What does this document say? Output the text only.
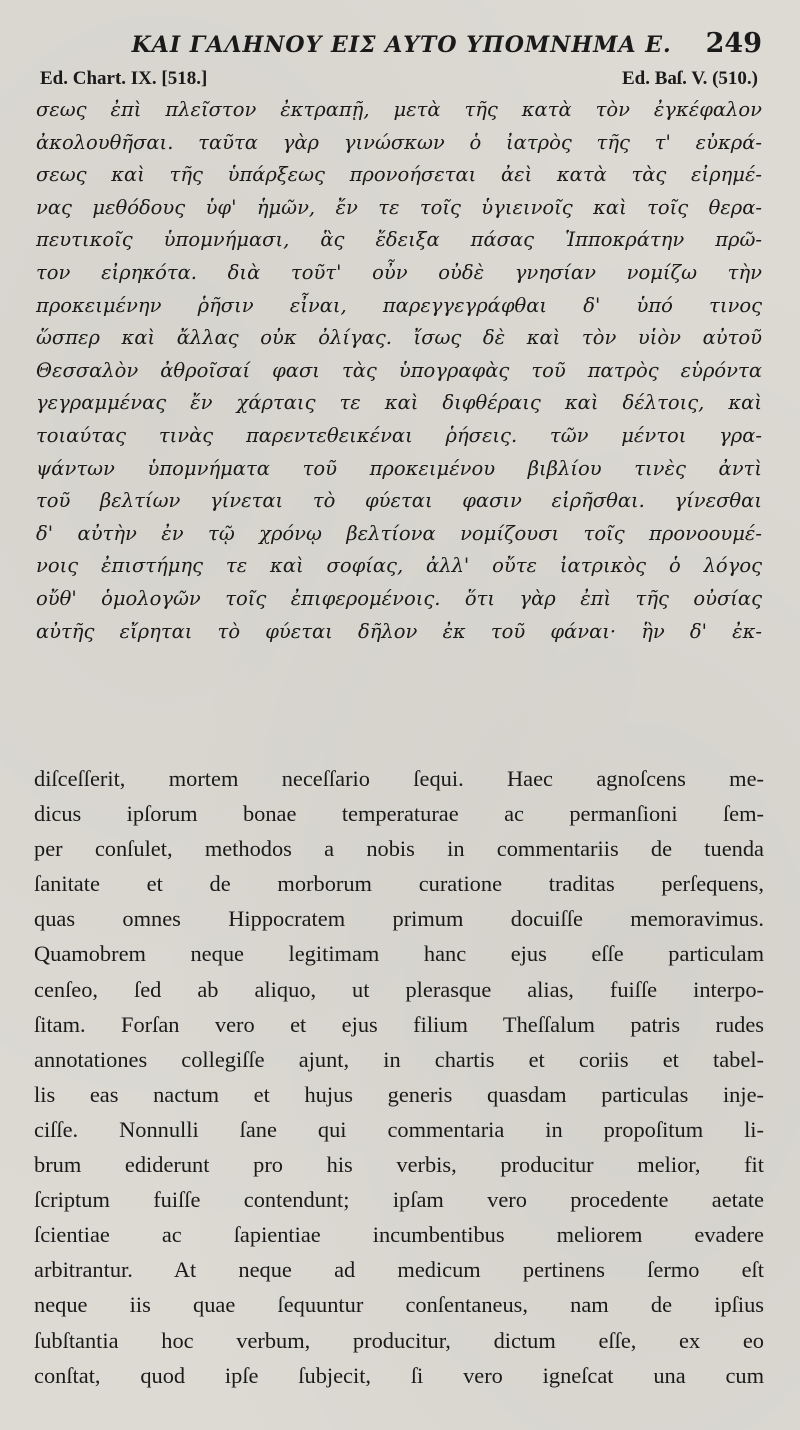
ΚΑΙ ΓΑΛΗΝΟΥ ΕΙΣ ΑΥΤΟ ΥΠΟΜΝΗΜΑ Ε. 249
Ed. Chart. IX. [518.]	Ed. Baſ. V. (510.)
σεως ἐπὶ πλεῖστον ἐκτραπῇ, μετὰ τῆς κατὰ τὸν ἐγκέφαλον
ἀκολουθῆσαι. ταῦτα γὰρ γινώσκων ὁ ἰατρὸς τῆς τ' εὐκρά-
σεως καὶ τῆς ὑπάρξεως προνοήσεται ἀεὶ κατὰ τὰς εἰρημέ-
νας μεθόδους ὑφ' ἡμῶν, ἔν τε τοῖς ὑγιεινοῖς καὶ τοῖς θερα-
πευτικοῖς ὑπομνήμασι, ἃς ἔδειξα πάσας Ἱπποκράτην πρῶ-
τον εἰρηκότα. διὰ τοῦτ' οὖν οὐδὲ γνησίαν νομίζω τὴν
προκειμένην ῥῆσιν εἶναι, παρεγγεγράφθαι δ' ὑπό τινος
ὥσπερ καὶ ἄλλας οὐκ ὀλίγας. ἴσως δὲ καὶ τὸν υἱὸν αὐτοῦ
Θεσσαλὸν ἀθροῖσαί φασι τὰς ὑπογραφὰς τοῦ πατρὸς εὑρόντα
γεγραμμένας ἔν χάρταις τε καὶ διφθέραις καὶ δέλτοις, καὶ
τοιαύτας τινὰς παρεντεθεικέναι ῥήσεις. τῶν μέντοι γρα-
ψάντων ὑπομνήματα τοῦ προκειμένου βιβλίου τινὲς ἀντὶ
τοῦ βελτίων γίνεται τὸ φύεται φασιν εἰρῆσθαι. γίνεσθαι
δ' αὐτὴν ἐν τῷ χρόνῳ βελτίονα νομίζουσι τοῖς προνοουμέ-
νοις ἐπιστήμης τε καὶ σοφίας, ἀλλ' οὔτε ἰατρικὸς ὁ λόγος
οὔθ' ὁμολογῶν τοῖς ἐπιφερομένοις. ὅτι γὰρ ἐπὶ τῆς οὐσίας
αὐτῆς εἴρηται τὸ φύεται δῆλον ἐκ τοῦ φάναι· ἣν δ' ἐκ-
diſceſſerit, mortem neceſſario ſequi. Haec agnoſcens me-
dicus ipſorum bonae temperaturae ac permanſioni ſem-
per conſulet, methodos a nobis in commentariis de tuenda
ſanitate et de morborum curatione traditas perſequens,
quas omnes Hippocratem primum docuiſſe memoravimus.
Quamobrem neque legitimam hanc ejus eſſe particulam
cenſeo, ſed ab aliquo, ut plerasque alias, fuiſſe interpo-
ſitam. Forſan vero et ejus filium Theſſalum patris rudes
annotationes collegiſſe ajunt, in chartis et coriis et tabel-
lis eas nactum et hujus generis quasdam particulas inje-
ciſſe. Nonnulli ſane qui commentaria in propoſitum li-
brum ediderunt pro his verbis, producitur melior, fit
ſcriptum fuiſſe contendunt; ipſam vero procedente aetate
ſcientiae ac ſapientiae incumbentibus meliorem evadere
arbitrantur. At neque ad medicum pertinens ſermo eſt
neque iis quae ſequuntur conſentaneus, nam de ipſius
ſubſtantia hoc verbum, producitur, dictum eſſe, ex eo
conſtat, quod ipſe ſubjecit, ſi vero igneſcat una cum
